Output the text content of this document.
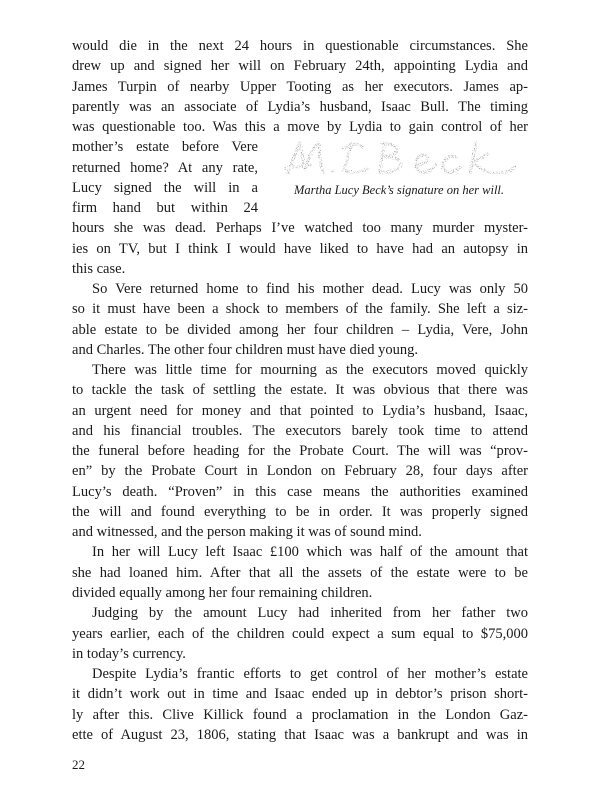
would die in the next 24 hours in questionable circumstances. She
drew up and signed her will on February 24th, appointing Lydia and
James Turpin of nearby Upper Tooting as her executors. James ap-
parently was an associate of Lydia’s husband, Isaac Bull. The timing
was questionable too. Was this a move by Lydia to gain control of her
mother’s estate before Vere
returned home? At any rate,
Lucy signed the will in a
firm hand but within 24
Martha Lucy Beck’s signature on her will.
hours she was dead. Perhaps I’ve watched too many murder myster-
ies on TV, but I think I would have liked to have had an autopsy in
this case.
So Vere returned home to find his mother dead. Lucy was only 50
so it must have been a shock to members of the family. She left a siz-
able estate to be divided among her four children – Lydia, Vere, John
and Charles. The other four children must have died young.
There was little time for mourning as the executors moved quickly
to tackle the task of settling the estate. It was obvious that there was
an urgent need for money and that pointed to Lydia’s husband, Isaac,
and his financial troubles. The executors barely took time to attend
the funeral before heading for the Probate Court. The will was “prov-
en” by the Probate Court in London on February 28, four days after
Lucy’s death. “Proven” in this case means the authorities examined
the will and found everything to be in order. It was properly signed
and witnessed, and the person making it was of sound mind.
In her will Lucy left Isaac £100 which was half of the amount that
she had loaned him. After that all the assets of the estate were to be
divided equally among her four remaining children.
Judging by the amount Lucy had inherited from her father two
years earlier, each of the children could expect a sum equal to $75,000
in today’s currency.
Despite Lydia’s frantic efforts to get control of her mother’s estate
it didn’t work out in time and Isaac ended up in debtor’s prison short-
ly after this. Clive Killick found a proclamation in the London Gaz-
ette of August 23, 1806, stating that Isaac was a bankrupt and was in
22
